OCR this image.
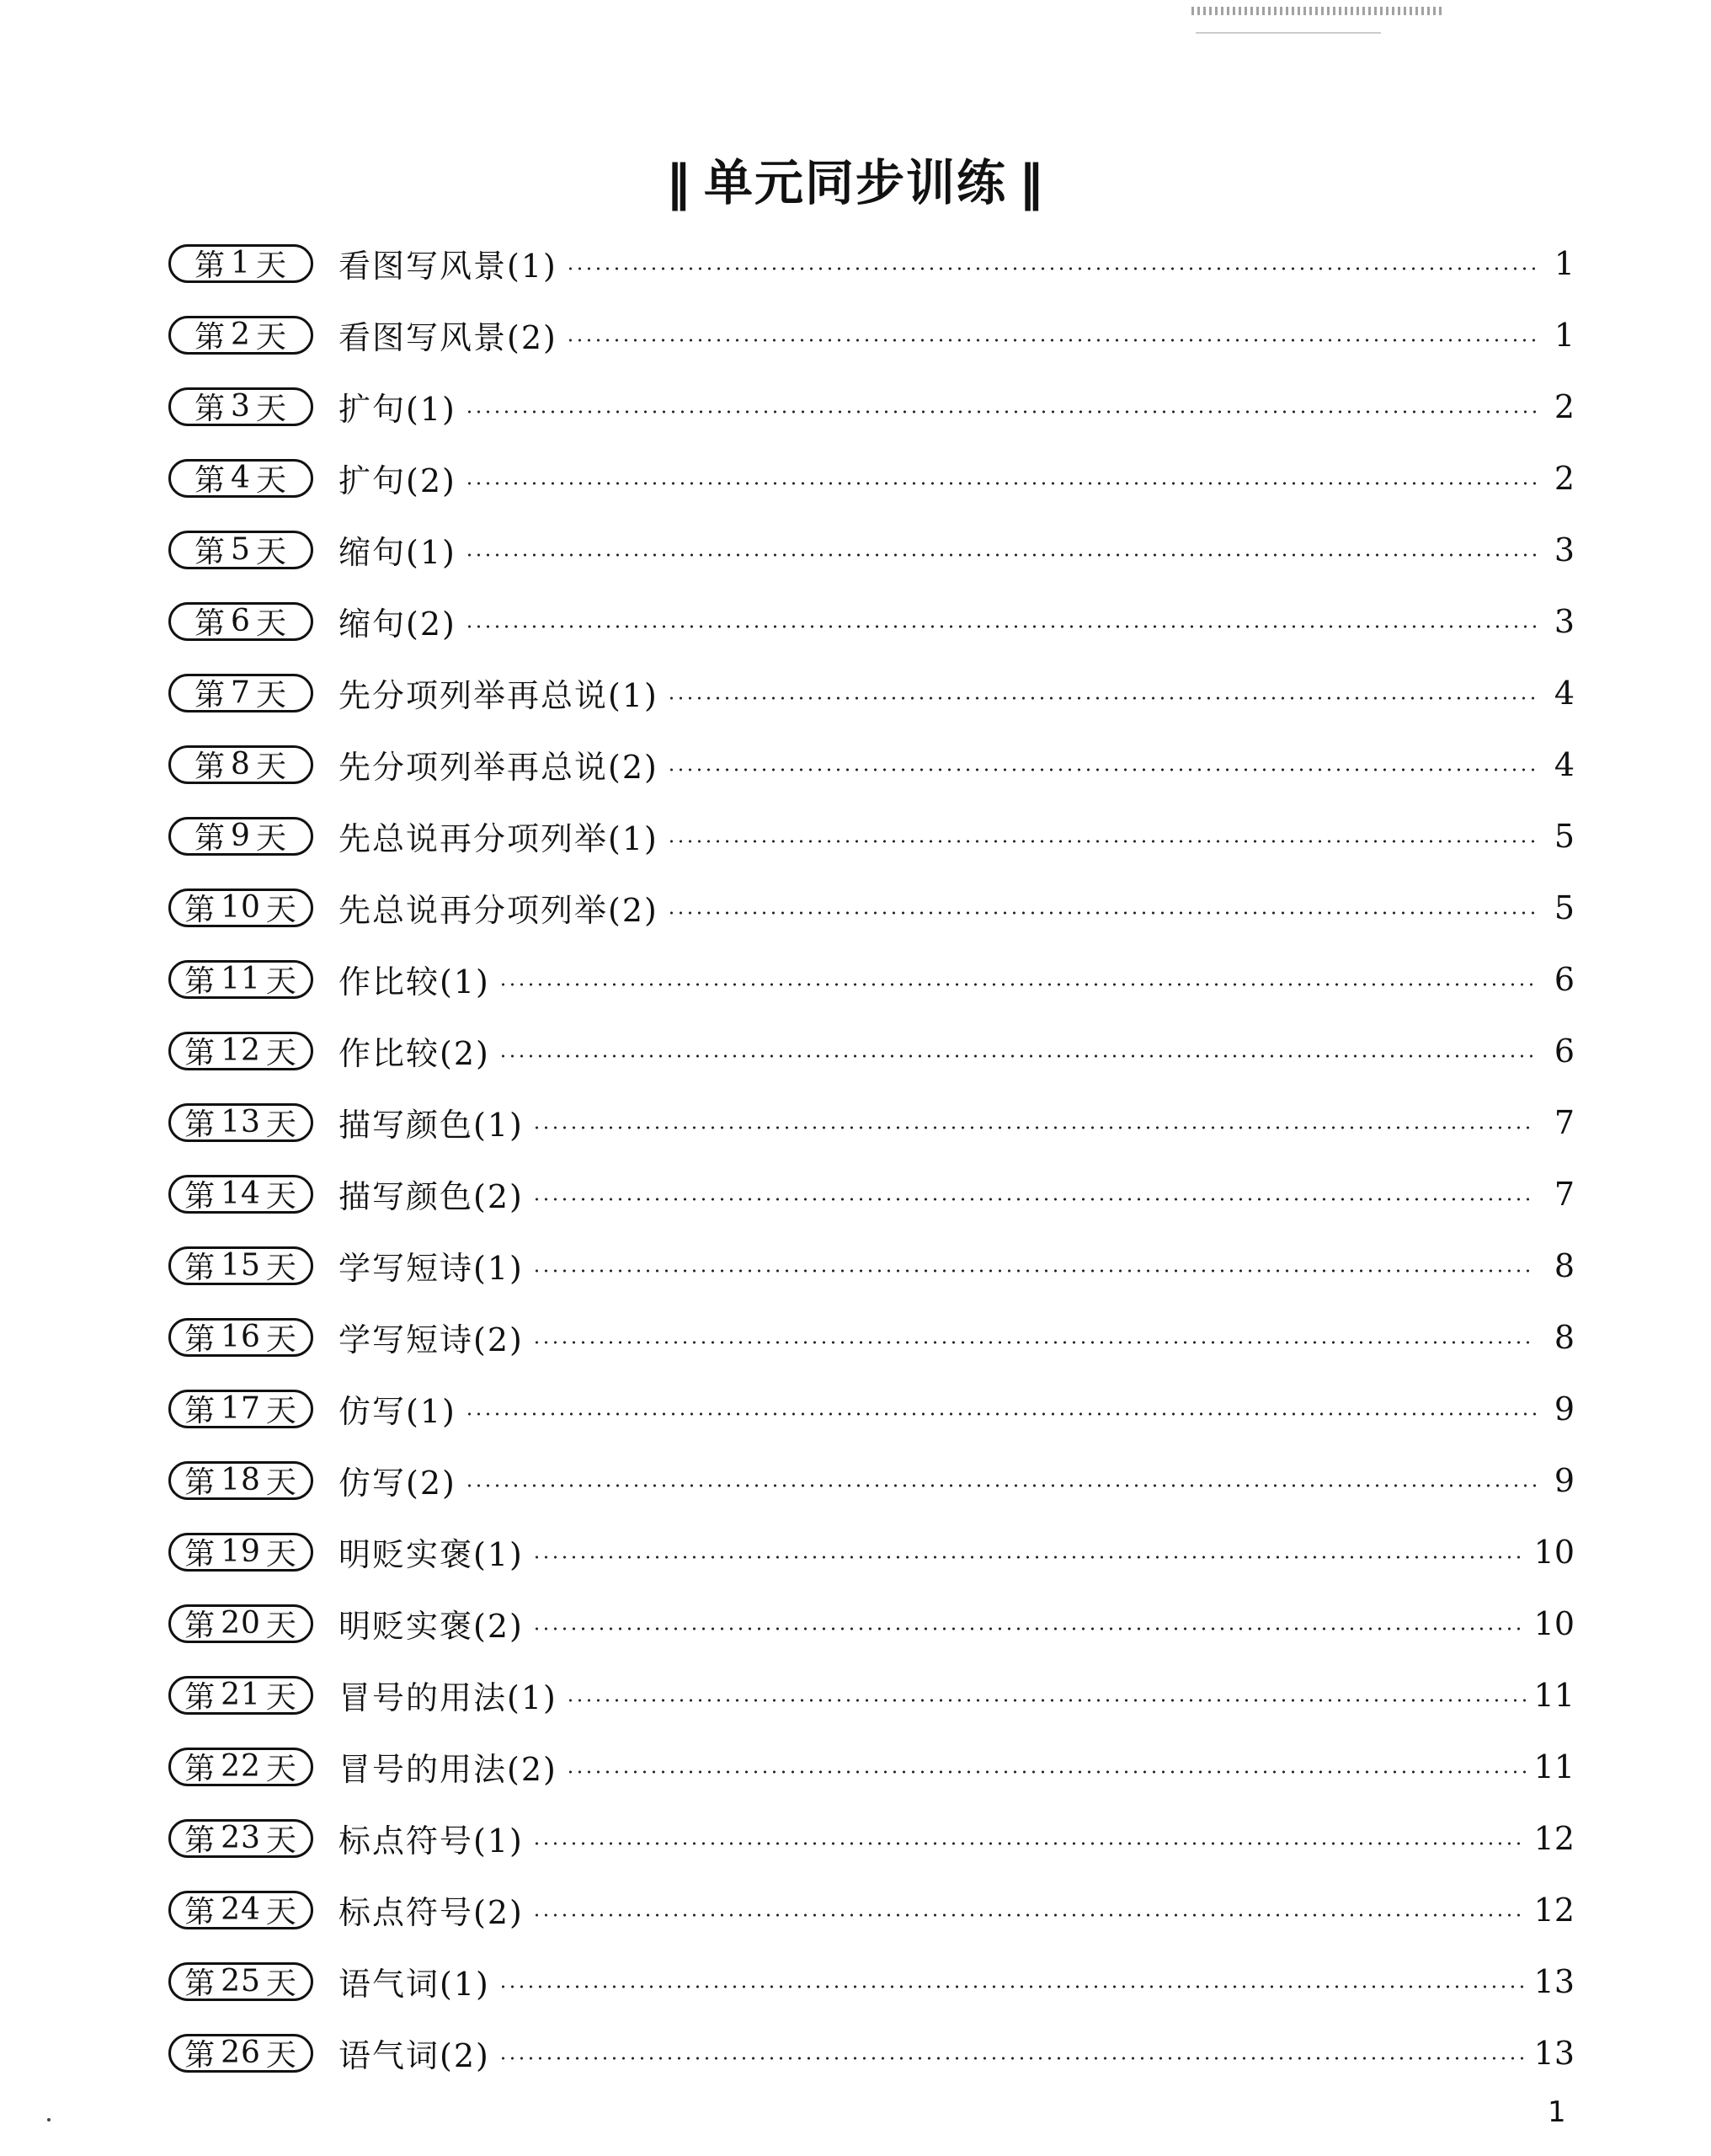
‖ 单元同步训练 ‖
第 1 天 看图写风景(1)	1
第 2 天 看图写风景(2)	1
第 3 天 扩句(1)	2
第 4 天 扩句(2)	2
第 5 天 缩句(1)	3
第 6 天 缩句(2)	3
第 7 天 先分项列举再总说(1)	4
第 8 天 先分项列举再总说(2)	4
第 9 天 先总说再分项列举(1)	5
第 10 天 先总说再分项列举(2)	5
第 11 天 作比较(1)	6
第 12 天 作比较(2)	6
第 13 天 描写颜色(1)	7
第 14 天 描写颜色(2)	7
第 15 天 学写短诗(1)	8
第 16 天 学写短诗(2)	8
第 17 天 仿写(1)	9
第 18 天 仿写(2)	9
第 19 天 明贬实褒(1)	10
第 20 天 明贬实褒(2)	10
第 21 天 冒号的用法(1)	11
第 22 天 冒号的用法(2)	11
第 23 天 标点符号(1)	12
第 24 天 标点符号(2)	12
第 25 天 语气词(1)	13
第 26 天 语气词(2)	13
1
